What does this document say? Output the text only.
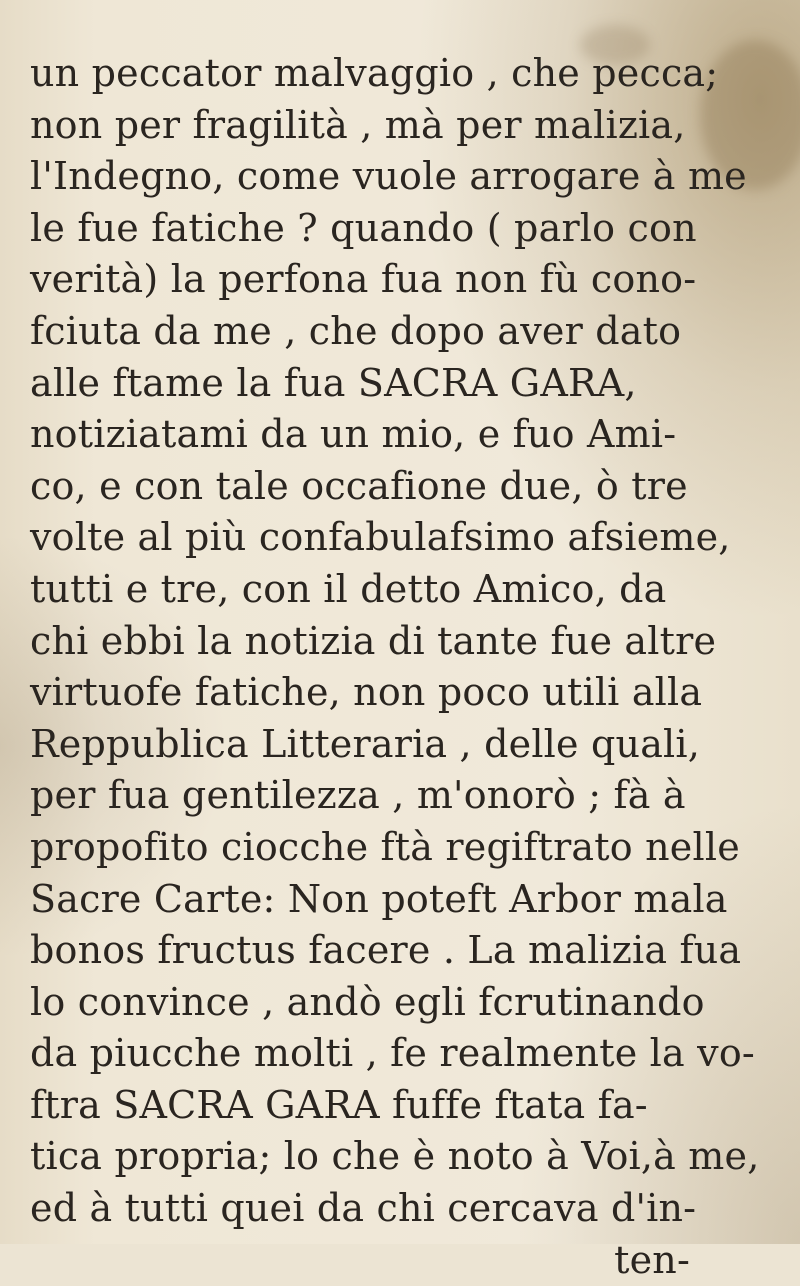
un peccator malvaggio , che pecca;
non per fragilità , mà per malizia,
l'Indegno, come vuole arrogare à me
le fue fatiche ? quando ( parlo con
verità) la perfona fua non fù cono-
fciuta da me , che dopo aver dato
alle ftame la fua SACRA GARA,
notiziatami da un mio, e fuo Ami-
co, e con tale occafione due, ò tre
volte al più confabulafsimo afsieme,
tutti e tre, con il detto Amico, da
chi ebbi la notizia di tante fue altre
virtuofe fatiche, non poco utili alla
Reppublica Litteraria , delle quali,
per fua gentilezza , m'onorò ; fà à
propofito ciocche ftà regiftrato nelle
Sacre Carte: Non poteft Arbor mala
bonos fructus facere . La malizia fua
lo convince , andò egli fcrutinando
da piucche molti , fe realmente la vo-
ftra SACRA GARA fuffe ftata fa-
tica propria; lo che è noto à Voi,à me,
ed à tutti quei da chi cercava d'in-
ten-
